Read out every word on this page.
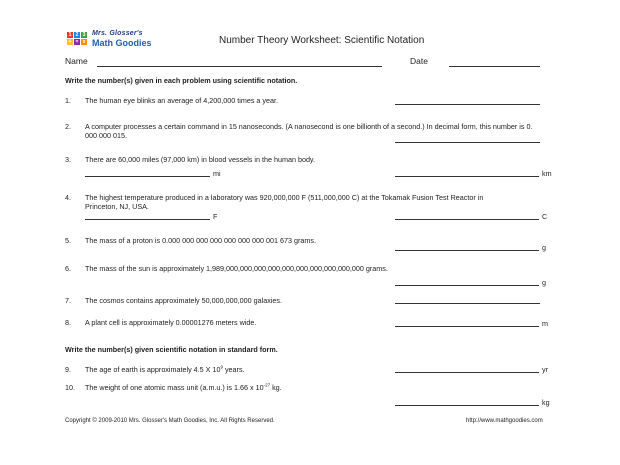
1 2 3
+ = x
Mrs. Glosser's
Math Goodies	Number Theory Worksheet: Scientific Notation
Name	Date
Write the number(s) given in each problem using scientific notation.
1. The human eye blinks an average of 4,200,000 times a year.
2. A computer processes a certain command in 15 nanoseconds. (A nanosecond is one billionth of a second.) In decimal form, this number is 0. 000 000 015.
3. There are 60,000 miles (97,000 km) in blood vessels in the human body.
mi	km
4. The highest temperature produced in a laboratory was 920,000,000 F (511,000,000 C) at the Tokamak Fusion Test Reactor in Princeton, NJ, USA.
F	C
5. The mass of a proton is 0.000 000 000 000 000 000 000 001 673 grams.
g
6. The mass of the sun is approximately 1,989,000,000,000,000,000,000,000,000,000,000 grams.
g
7. The cosmos contains approximately 50,000,000,000 galaxies.
8. A plant cell is approximately 0.00001276 meters wide.	m
Write the number(s) given scientific notation in standard form.
9. The age of earth is approximately 4.5 X $10^9$ years.	yr
10. The weight of one atomic mass unit (a.m.u.) is 1.66 x $10^{-27}$ kg.
kg
Copyright © 2009-2010 Mrs. Glosser's Math Goodies, Inc. All Rights Reserved.	http://www.mathgoodies.com
